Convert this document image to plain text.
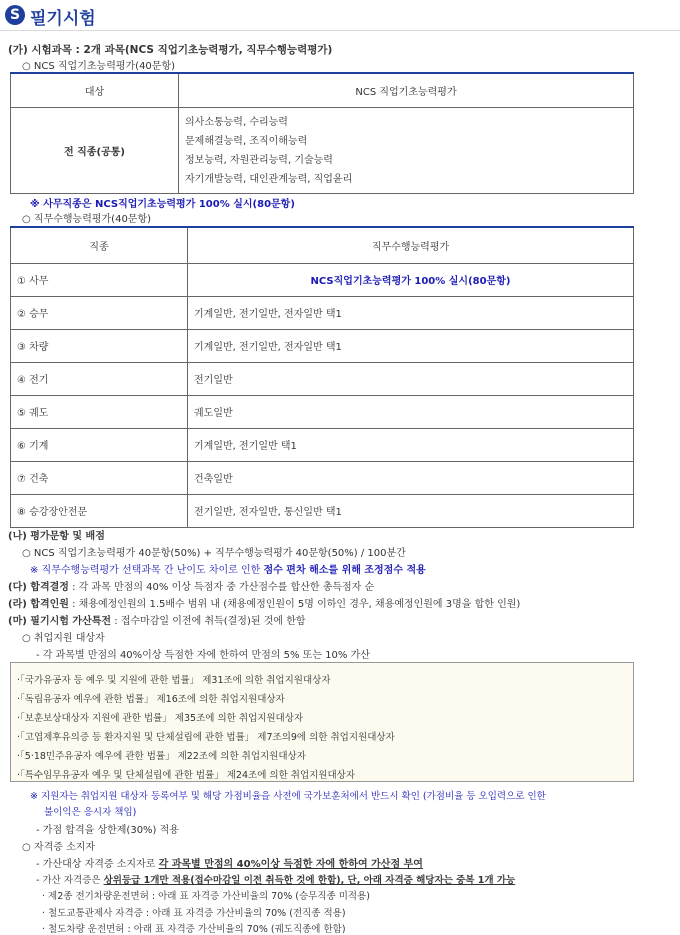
S 필기시험
(가) 시험과목 : 2개 과목(NCS 직업기초능력평가, 직무수행능력평가)
○ NCS 직업기초능력평가(40문항)
대상	NCS 직업기초능력평가
전 직종(공통)	의사소통능력, 수리능력
문제해결능력, 조직이해능력
정보능력, 자원관리능력, 기술능력
자기개발능력, 대인관계능력, 직업윤리
※ 사무직종은 NCS직업기초능력평가 100% 실시(80문항)
○ 직무수행능력평가(40문항)
직종	직무수행능력평가
① 사무	NCS직업기초능력평가 100% 실시(80문항)
② 승무	기계일반, 전기일반, 전자일반 택1
③ 차량	기계일반, 전기일반, 전자일반 택1
④ 전기	전기일반
⑤ 궤도	궤도일반
⑥ 기계	기계일반, 전기일반 택1
⑦ 건축	건축일반
⑧ 승강장안전문	전기일반, 전자일반, 통신일반 택1
(나) 평가문항 및 배점
○ NCS 직업기초능력평가 40문항(50%) + 직무수행능력평가 40문항(50%) / 100분간
※ 직무수행능력평가 선택과목 간 난이도 차이로 인한 점수 편차 해소를 위해 조정점수 적용
(다) 합격결정 : 각 과목 만점의 40% 이상 득점자 중 가산점수를 합산한 총득점자 순
(라) 합격인원 : 채용예정인원의 1.5배수 범위 내 (채용예정인원이 5명 이하인 경우, 채용예정인원에 3명을 합한 인원)
(마) 필기시험 가산특전 : 접수마감일 이전에 취득(결정)된 것에 한함
○ 취업지원 대상자
- 각 과목별 만점의 40%이상 득점한 자에 한하여 만점의 5% 또는 10% 가산
·「국가유공자 등 예우 및 지원에 관한 법률」 제31조에 의한 취업지원대상자
·「독립유공자 예우에 관한 법률」 제16조에 의한 취업지원대상자
·「보훈보상대상자 지원에 관한 법률」 제35조에 의한 취업지원대상자
·「고엽제후유의증 등 환자지원 및 단체설립에 관한 법률」 제7조의9에 의한 취업지원대상자
·「5·18민주유공자 예우에 관한 법률」 제22조에 의한 취업지원대상자
·「특수임무유공자 예우 및 단체설립에 관한 법률」 제24조에 의한 취업지원대상자
※ 지원자는 취업지원 대상자 등록여부 및 해당 가점비율을 사전에 국가보훈처에서 반드시 확인 (가점비율 등 오입력으로 인한
불이익은 응시자 책임)
- 가점 합격을 상한제(30%) 적용
○ 자격증 소지자
- 가산대상 자격증 소지자로 각 과목별 만점의 40%이상 득점한 자에 한하여 가산점 부여
- 가산 자격증은 상위등급 1개만 적용(접수마감일 이전 취득한 것에 한함), 단, 아래 자격증 해당자는 중복 1개 가능
· 제2종 전기차량운전면허 : 아래 표 자격증 가산비율의 70% (승무직종 미적용)
· 철도교통관제사 자격증 : 아래 표 자격증 가산비율의 70% (전직종 적용)
· 철도차량 운전면허 : 아래 표 자격증 가산비율의 70% (궤도직종에 한함)
